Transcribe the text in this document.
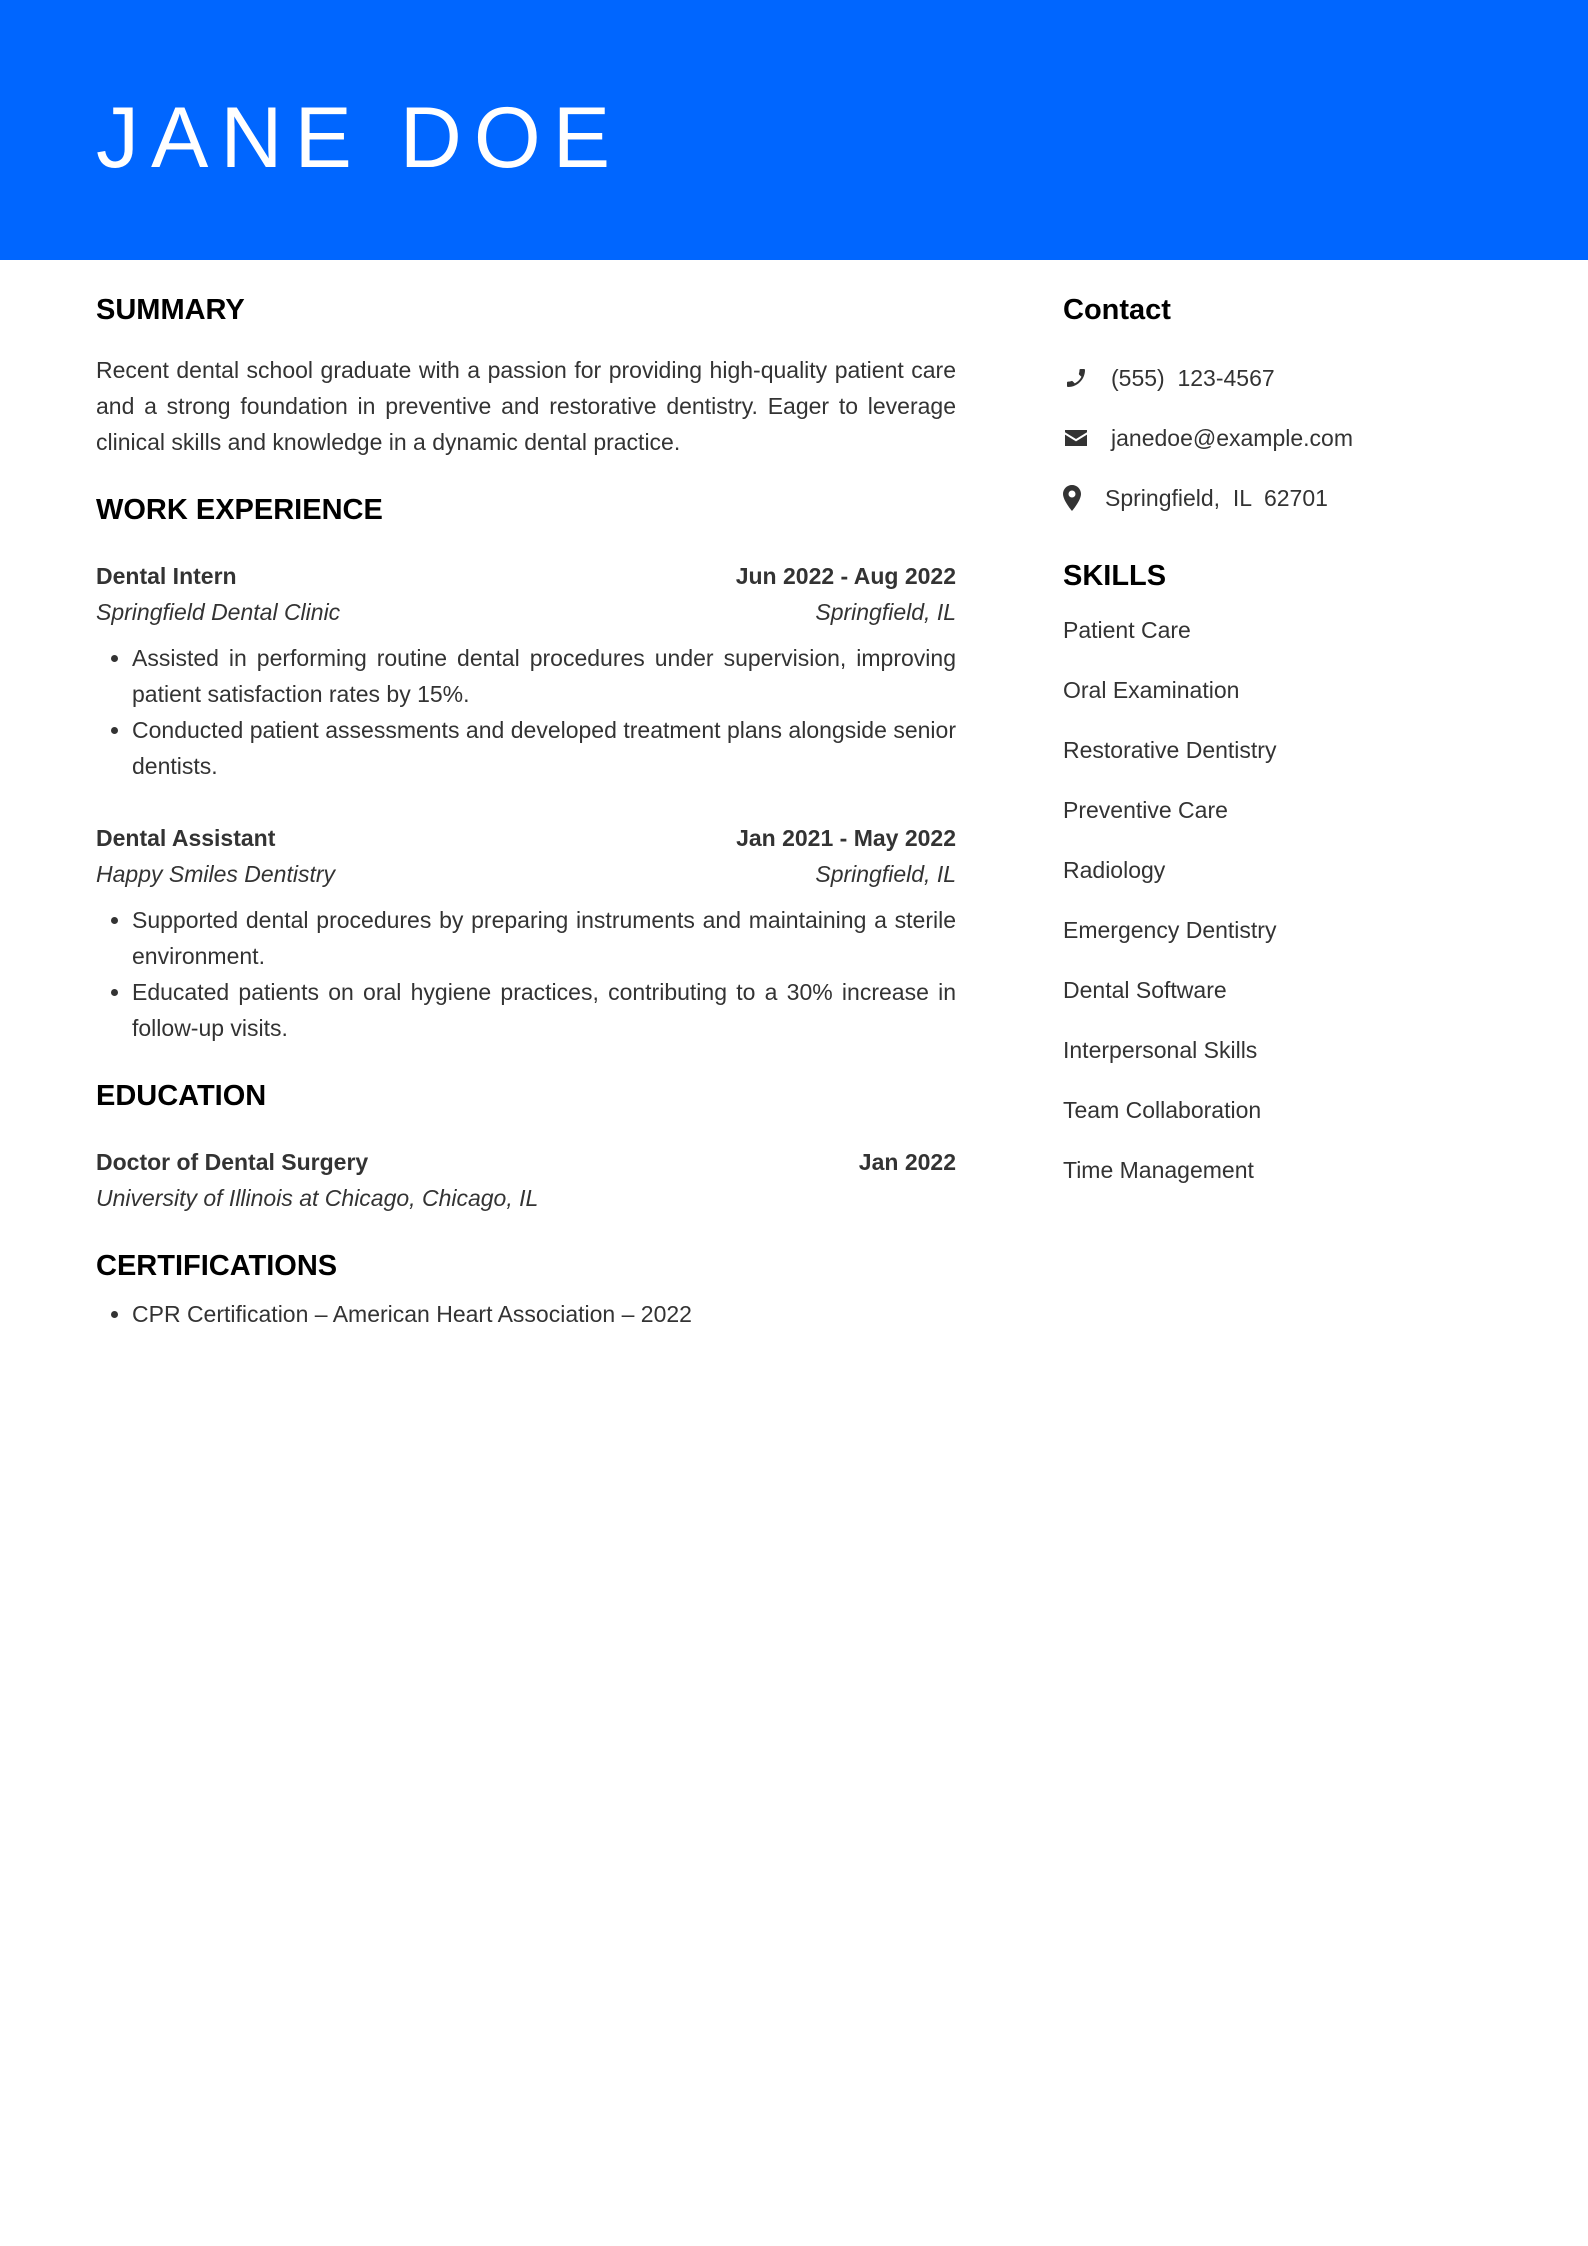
JANE DOE
SUMMARY

Recent dental school graduate with a passion for providing high-quality patient care and a strong foundation in preventive and restorative dentistry. Eager to leverage clinical skills and knowledge in a dynamic dental practice.

WORK EXPERIENCE
Dental Intern	Jun 2022 - Aug 2022
Springfield Dental Clinic	Springfield, IL
• Assisted in performing routine dental procedures under supervision, improving patient satisfaction rates by 15%.
• Conducted patient assessments and developed treatment plans alongside senior dentists.
Dental Assistant	Jan 2021 - May 2022
Happy Smiles Dentistry	Springfield, IL
• Supported dental procedures by preparing instruments and maintaining a sterile environment.
• Educated patients on oral hygiene practices, contributing to a 30% increase in follow-up visits.
EDUCATION
Doctor of Dental Surgery	Jan 2022
University of Illinois at Chicago, Chicago, IL
CERTIFICATIONS
• CPR Certification – American Heart Association – 2022
Contact
(555)  123-4567
janedoe@example.com
Springfield,  IL  62701
SKILLS
Patient Care
Oral Examination
Restorative Dentistry
Preventive Care
Radiology
Emergency Dentistry
Dental Software
Interpersonal Skills
Team Collaboration
Time Management
